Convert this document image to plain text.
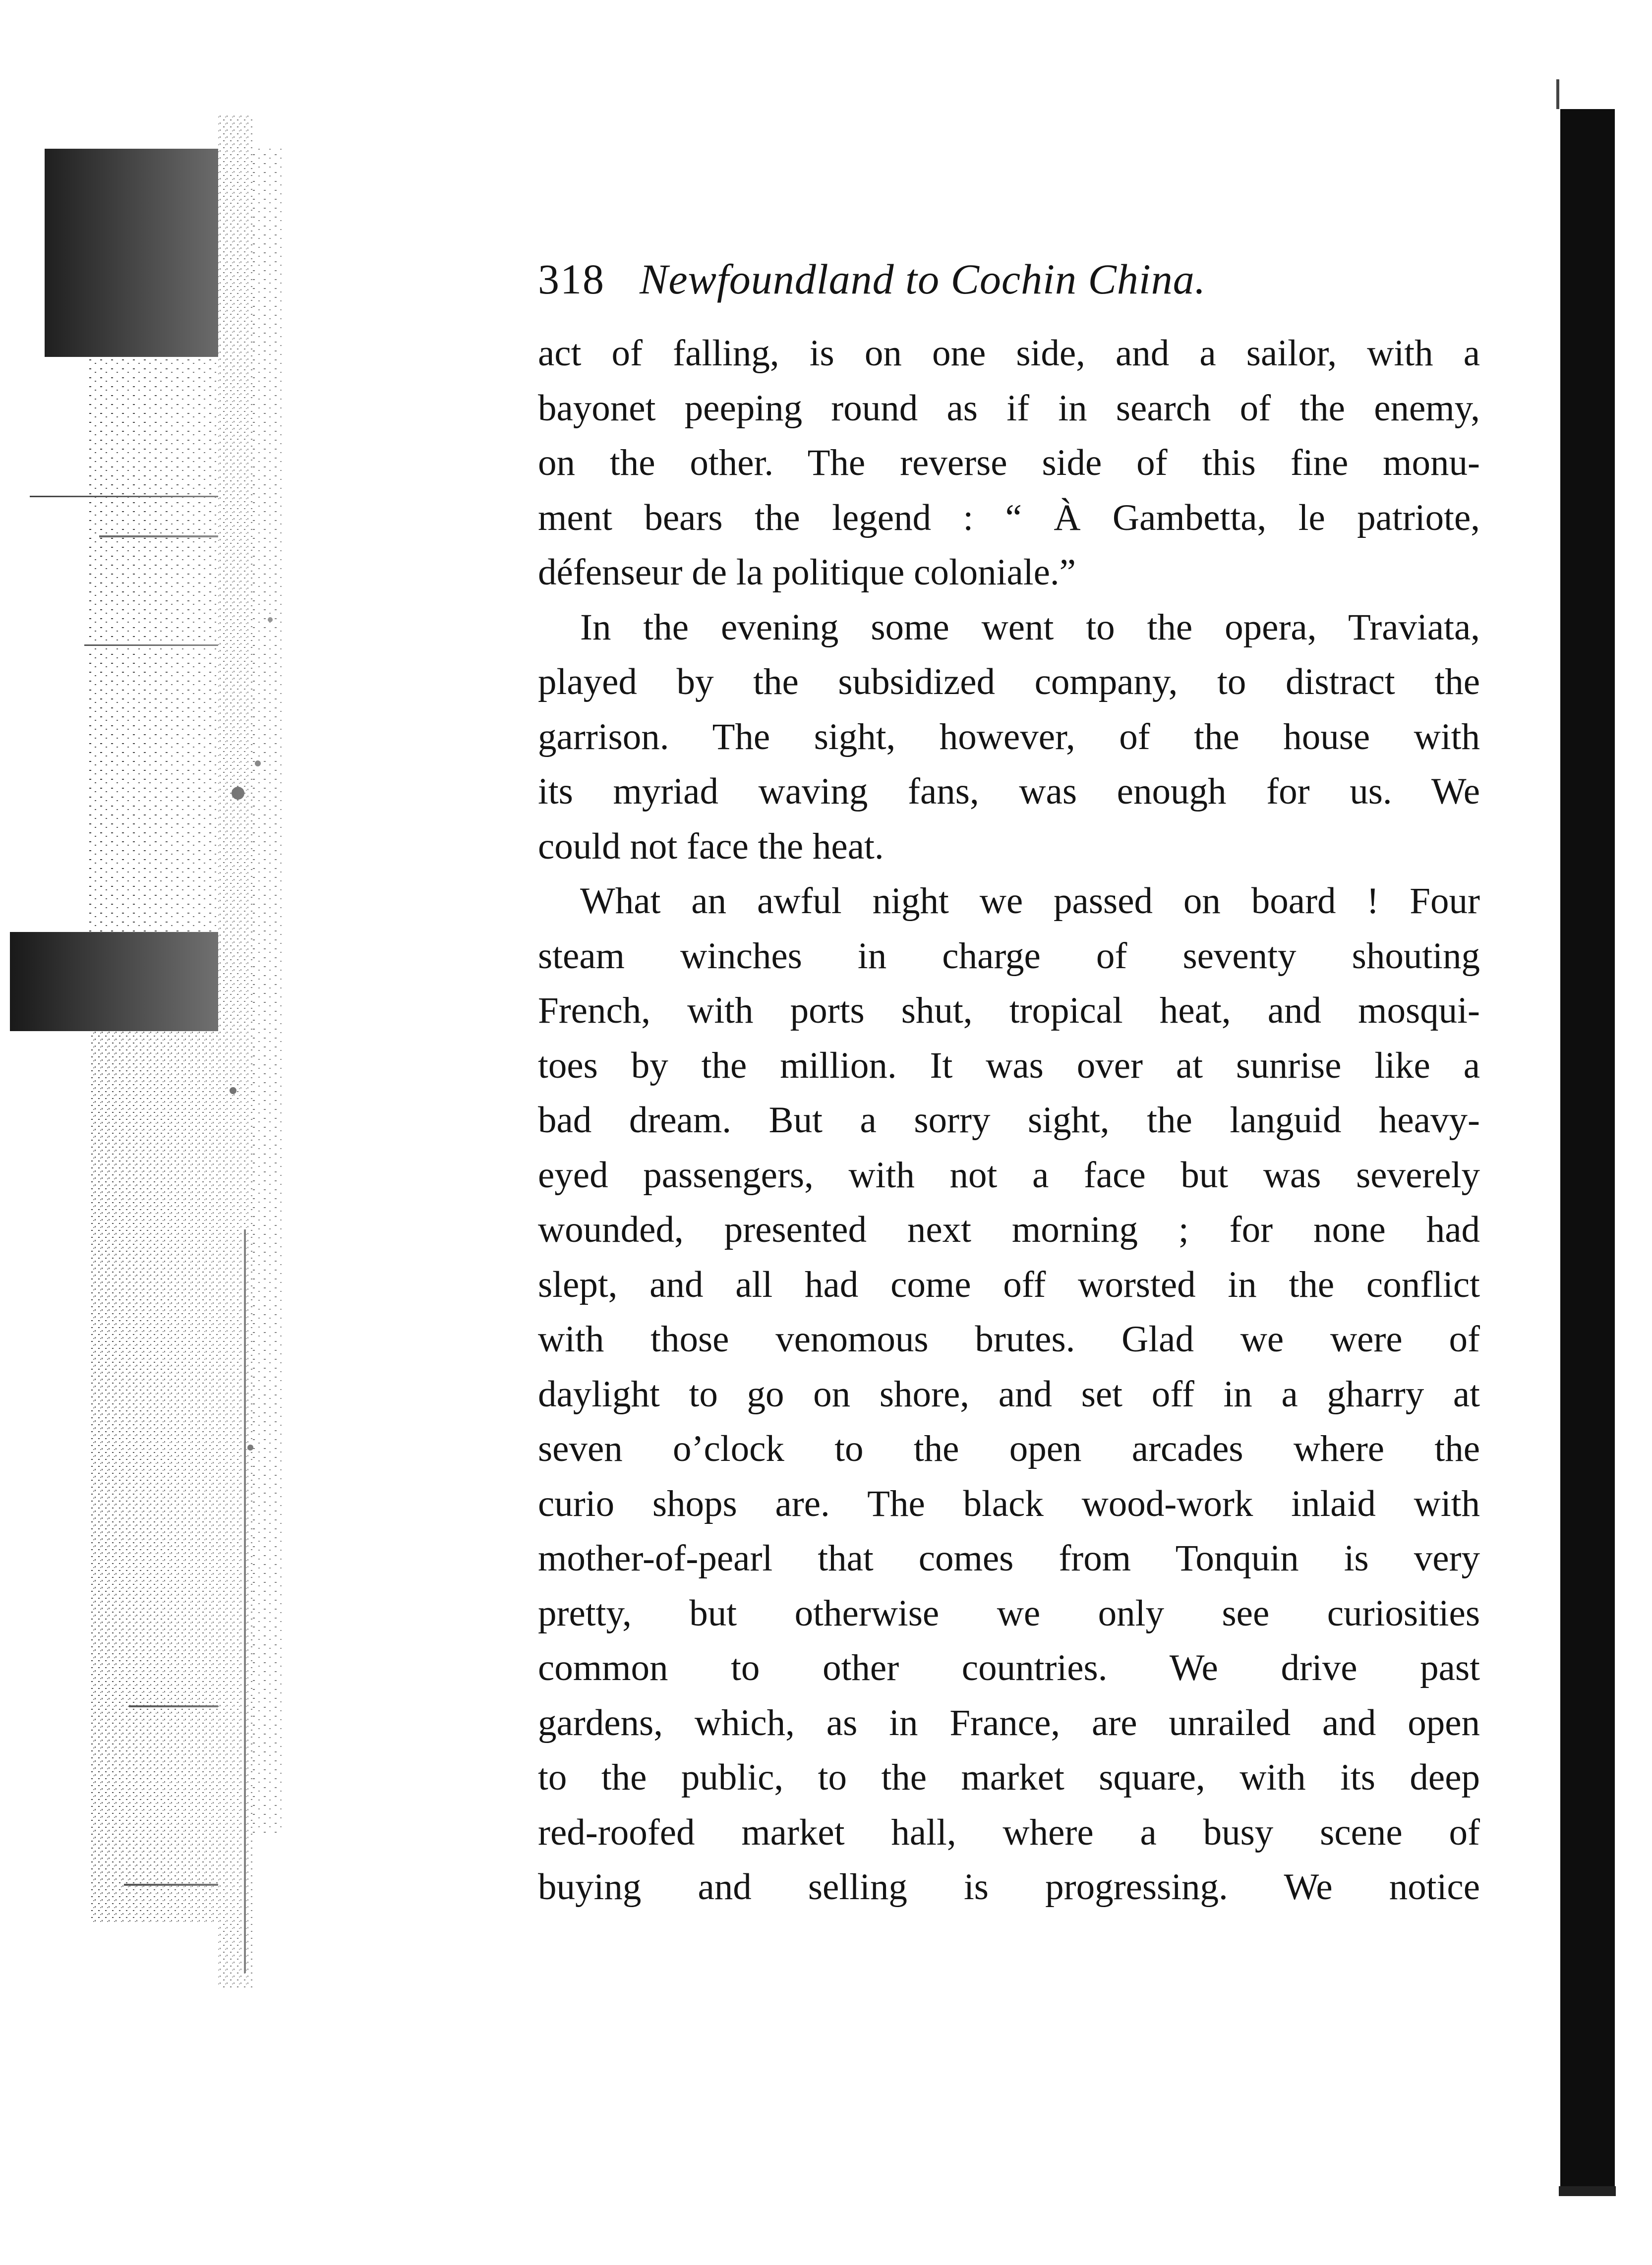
318 Newfoundland to Cochin China.

act of falling, is on one side, and a sailor, with a
bayonet peeping round as if in search of the enemy,
on the other. The reverse side of this fine monu-
ment bears the legend : “ À Gambetta, le patriote,
défenseur de la politique coloniale.”

In the evening some went to the opera, Traviata,
played by the subsidized company, to distract the
garrison. The sight, however, of the house with
its myriad waving fans, was enough for us. We
could not face the heat.

What an awful night we passed on board ! Four
steam winches in charge of seventy shouting
French, with ports shut, tropical heat, and mosqui-
toes by the million. It was over at sunrise like a
bad dream. But a sorry sight, the languid heavy-
eyed passengers, with not a face but was severely
wounded, presented next morning ; for none had
slept, and all had come off worsted in the conflict
with those venomous brutes. Glad we were of
daylight to go on shore, and set off in a gharry at
seven o’clock to the open arcades where the
curio shops are. The black wood-work inlaid with
mother-of-pearl that comes from Tonquin is very
pretty, but otherwise we only see curiosities
common to other countries. We drive past
gardens, which, as in France, are unrailed and open
to the public, to the market square, with its deep
red-roofed market hall, where a busy scene of
buying and selling is progressing. We notice
